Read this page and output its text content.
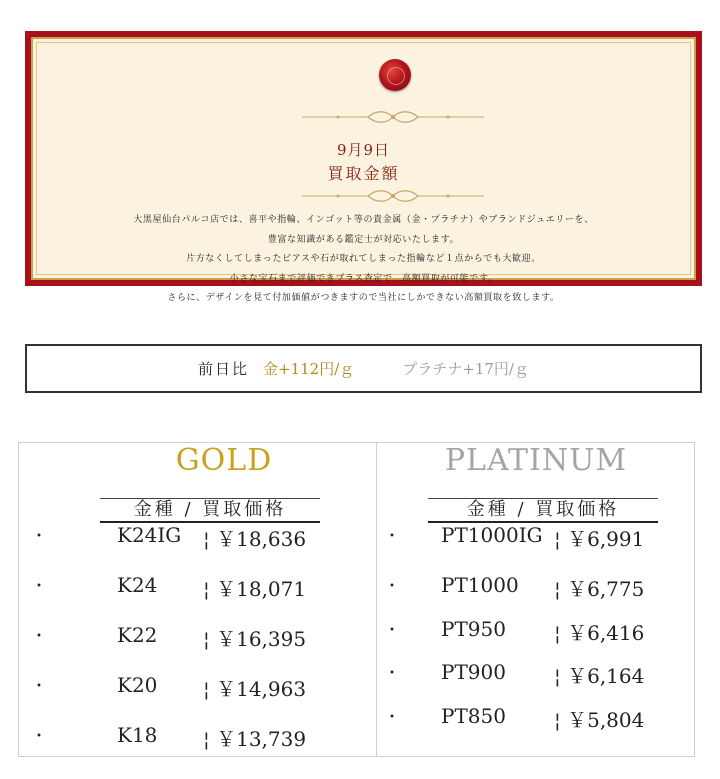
9月9日
買取金額
大黒屋仙台パルコ店では、喜平や指輪、インゴット等の貴金属（金・プラチナ）やブランドジュエリーを、
豊富な知識がある鑑定士が対応いたします。
片方なくしてしまったピアスや石が取れてしまった指輪など１点からでも大歓迎。
小さな宝石まで評価できプラス査定で、高額買取が可能です。
さらに、デザインを見て付加価値がつきますので当社にしかできない高額買取を致します。
前日比 金+112円/ｇ	プラチナ+17円/ｇ
GOLD
金種 / 買取価格
・	K24IG ¦ ￥18,636
・	K24 ¦ ￥18,071
・	K22 ¦ ￥16,395
・	K20 ¦ ￥14,963
・	K18 ¦ ￥13,739
PLATINUM
金種 / 買取価格
・ PT1000IG ¦ ￥6,991
・ PT1000 ¦ ￥6,775
・ PT950 ¦ ￥6,416
・ PT900 ¦ ￥6,164
・ PT850 ¦ ￥5,804
